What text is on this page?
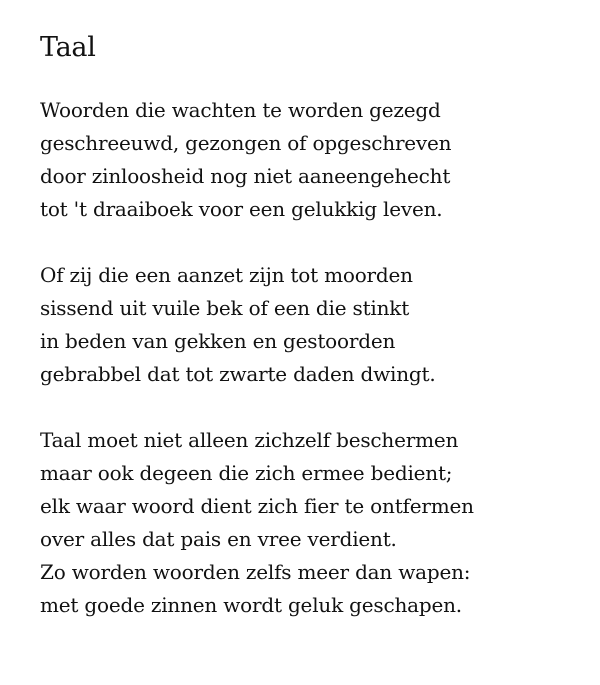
Taal
Woorden die wachten te worden gezegd
geschreeuwd, gezongen of opgeschreven
door zinloosheid nog niet aaneengehecht
tot 't draaiboek voor een gelukkig leven.
Of zij die een aanzet zijn tot moorden
sissend uit vuile bek of een die stinkt
in beden van gekken en gestoorden
gebrabbel dat tot zwarte daden dwingt.
Taal moet niet alleen zichzelf beschermen
maar ook degeen die zich ermee bedient;
elk waar woord dient zich fier te ontfermen
over alles dat pais en vree verdient.
Zo worden woorden zelfs meer dan wapen:
met goede zinnen wordt geluk geschapen.
